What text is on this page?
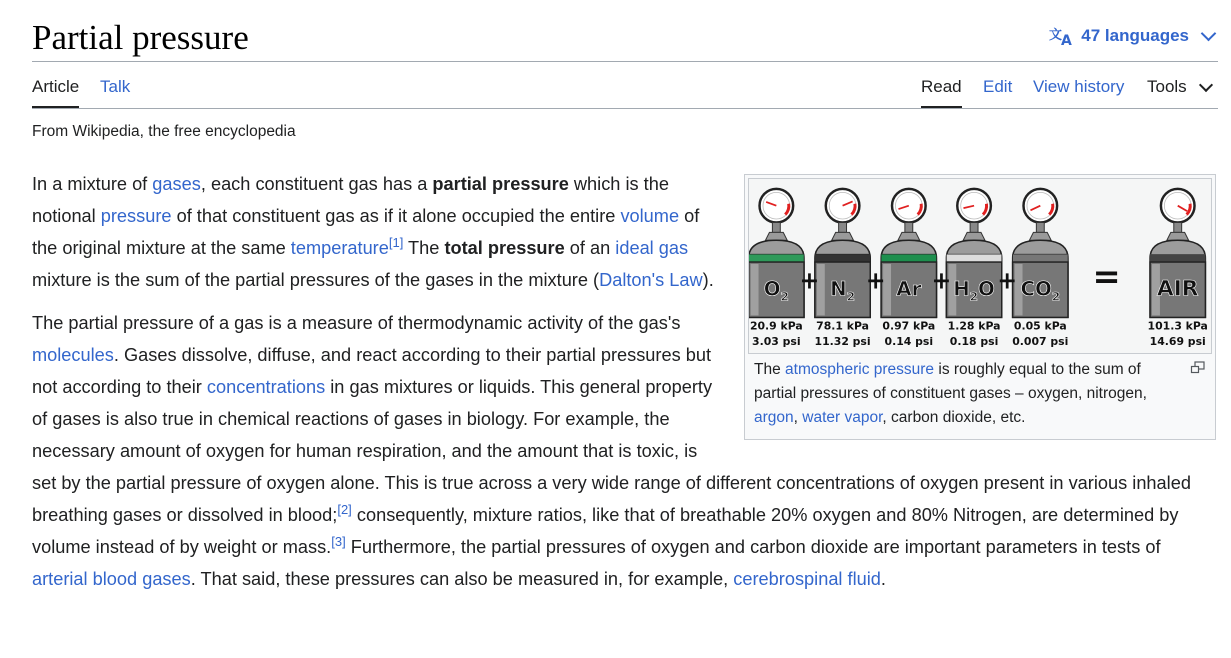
Partial pressure	文
A 47 languages
Article Talk	Read Edit View history Tools
From Wikipedia, the free encyclopedia
$O_2$
20.9 kPa
3.03 psi
$N_2$
78.1 kPa
11.32 psi
Ar
0.97 kPa
0.14 psi
$H_2O$
1.28 kPa
0.18 psi
$CO_2$
0.05 kPa
0.007 psi
AIR
101.3 kPa
14.69 psi
+ + + + =
The atmospheric pressure is roughly equal to the sum of partial pressures of constituent gases – oxygen, nitrogen, argon, water vapor, carbon dioxide, etc.

In a mixture of gases, each constituent gas has a partial pressure which is the notional pressure of that constituent gas as if it alone occupied the entire volume of the original mixture at the same temperature[1] The total pressure of an ideal gas mixture is the sum of the partial pressures of the gases in the mixture (Dalton's Law).

The partial pressure of a gas is a measure of thermodynamic activity of the gas's molecules. Gases dissolve, diffuse, and react according to their partial pressures but not according to their concentrations in gas mixtures or liquids. This general property of gases is also true in chemical reactions of gases in biology. For example, the necessary amount of oxygen for human respiration, and the amount that is toxic, is set by the partial pressure of oxygen alone. This is true across a very wide range of different concentrations of oxygen present in various inhaled breathing gases or dissolved in blood;[2] consequently, mixture ratios, like that of breathable 20% oxygen and 80% Nitrogen, are determined by volume instead of by weight or mass.[3] Furthermore, the partial pressures of oxygen and carbon dioxide are important parameters in tests of arterial blood gases. That said, these pressures can also be measured in, for example, cerebrospinal fluid.
